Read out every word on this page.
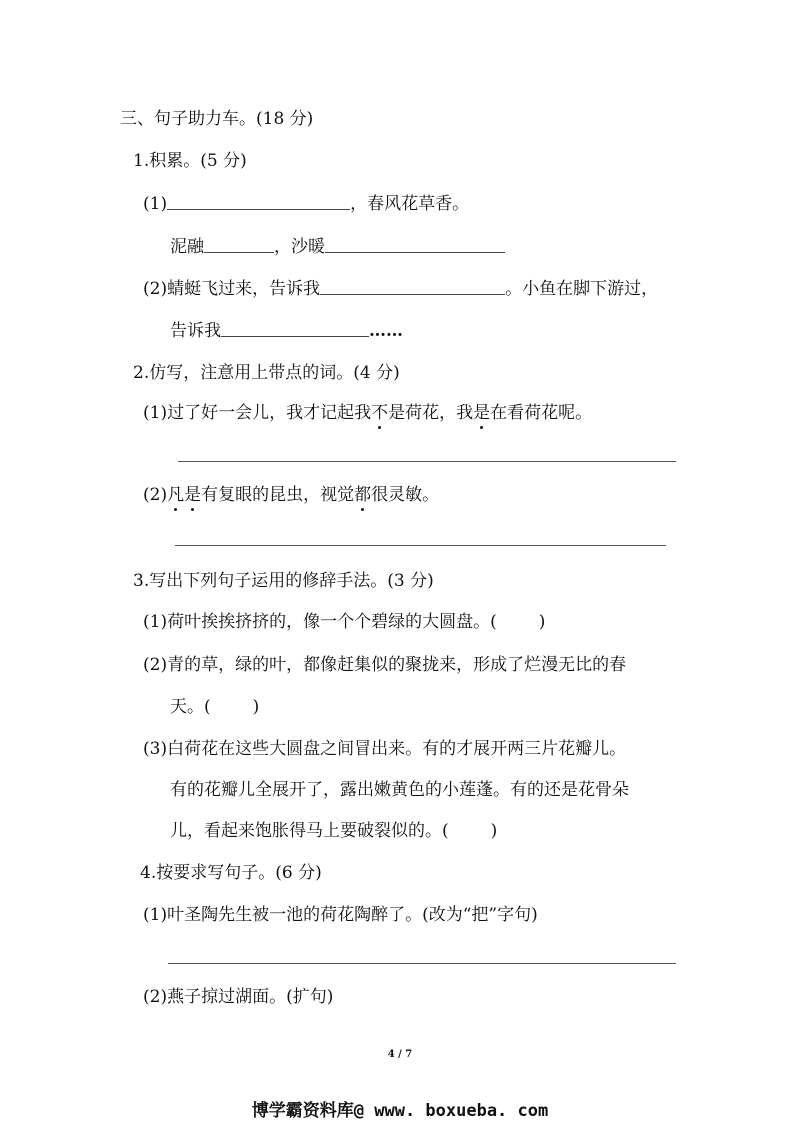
三、句子助力车。(18 分)
1.积累。(5 分)
(1)	，春风花草香。
泥融	，沙暖
(2)蜻蜓飞过来，告诉我	。小鱼在脚下游过，
告诉我	……
2.仿写，注意用上带点的词。(4 分)
(1)过了好一会儿，我才记起我不是荷花，我是在看荷花呢。
(2)凡是有复眼的昆虫，视觉都很灵敏。
3.写出下列句子运用的修辞手法。(3 分)
(1)荷叶挨挨挤挤的，像一个个碧绿的大圆盘。( )
(2)青的草，绿的叶，都像赶集似的聚拢来，形成了烂漫无比的春
天。( )
(3)白荷花在这些大圆盘之间冒出来。有的才展开两三片花瓣儿。
有的花瓣儿全展开了，露出嫩黄色的小莲蓬。有的还是花骨朵
儿，看起来饱胀得马上要破裂似的。( )
4.按要求写句子。(6 分)
(1)叶圣陶先生被一池的荷花陶醉了。(改为“把”字句)
(2)燕子掠过湖面。(扩句)
4 / 7
博学霸资料库@ www. boxueba. com
